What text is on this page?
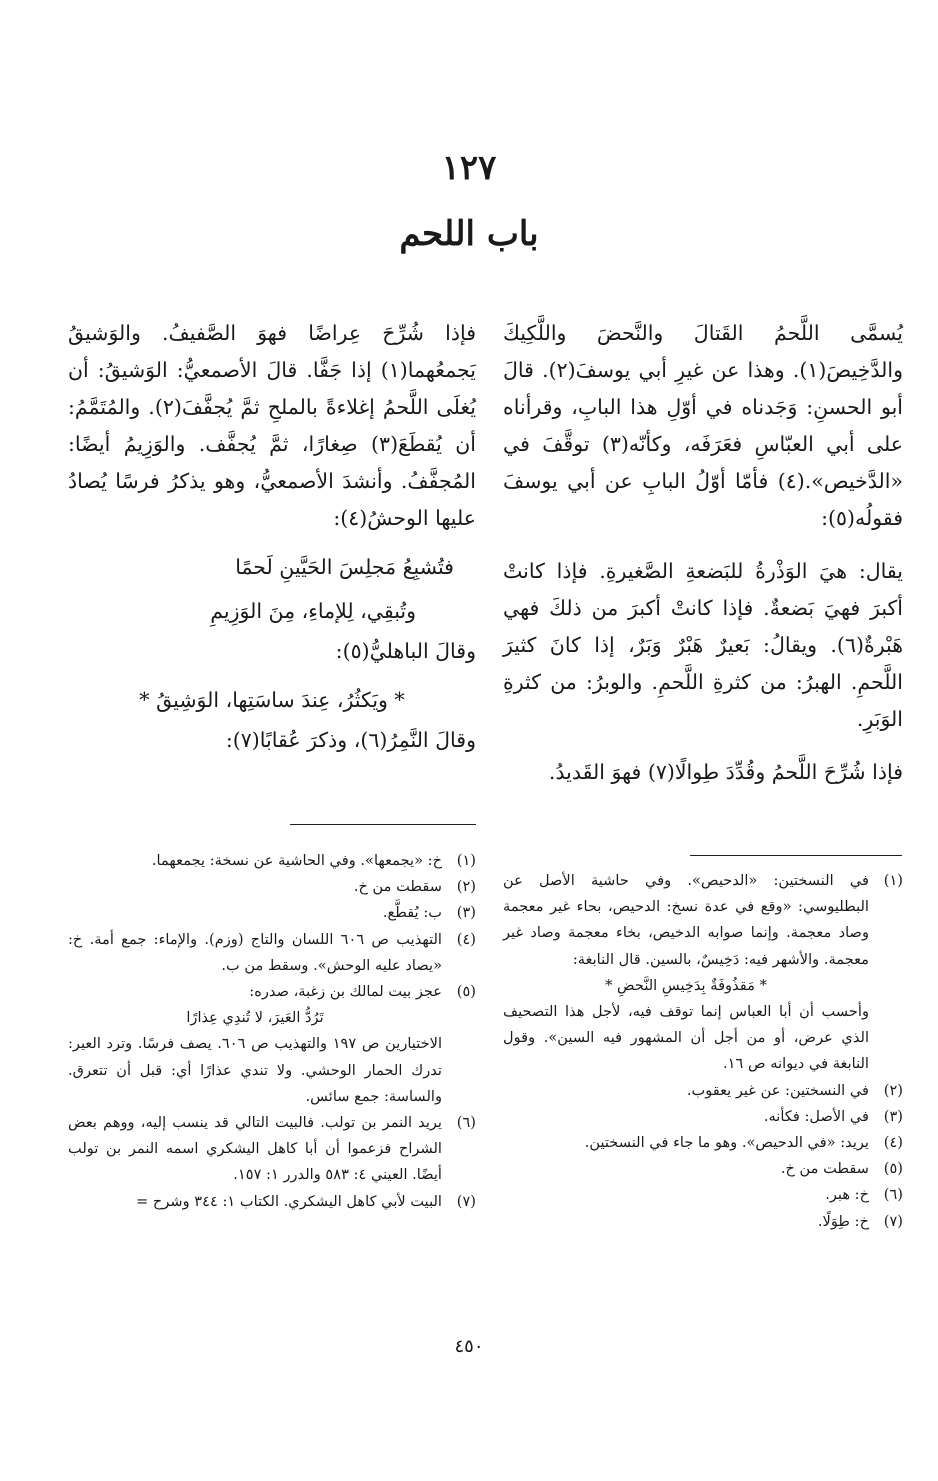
١٢٧
باب اللحم

يُسمَّى اللَّحمُ القَتالَ والنَّحضَ واللَّكِيكَ والدَّخِيصَ(١). وهذا عن غيرِ أبي يوسفَ(٢). قالَ أبو الحسنِ: وَجَدناه في أوّلِ هذا البابِ، وقرأناه على أبي العبّاسِ فعَرَفَه، وكأنّه(٣) توقَّفَ في «الدَّخيص».(٤) فأمّا أوّلُ البابِ عن أبي يوسفَ فقولُه(٥):

يقال: هيَ الوَذْرةُ للبَضعةِ الصَّغيرةِ. فإذا كانتْ أكبرَ فهيَ بَضعةٌ. فإذا كانتْ أكبرَ من ذلكَ فهي هَبْرةٌ(٦). ويقالُ: بَعيرٌ هَبْرٌ وَبَرٌ، إذا كانَ كثيرَ اللَّحمِ. الهبرُ: من كثرةِ اللَّحمِ. والوبرُ: من كثرةِ الوَبَرِ.

فإذا شُرِّحَ اللَّحمُ وقُدِّدَ طِوالًا(٧) فهوَ القَديدُ.

فإذا شُرِّحَ عِراضًا فهوَ الصَّفيفُ. والوَشيقُ يَجمعُهما(١) إذا جَفَّا. قالَ الأصمعيُّ: الوَشيقُ: أن يُغلَى اللَّحمُ إغلاءةً بالملحِ ثمَّ يُجفَّفَ(٢). والمُتَمَّمُ: أن يُقطَعَ(٣) صِغارًا، ثمَّ يُجفَّف. والوَزِيمُ أيضًا: المُجفَّفُ. وأنشدَ الأصمعيُّ، وهو يذكرُ فرسًا يُصادُ عليها الوحشُ(٤):

فتُشبِعُ مَجلِسَ الحَيَّينِ لَحمًا

وتُبقِي، لِلإماءِ، مِنَ الوَزِيمِ

وقالَ الباهليُّ(٥):

* ويَكثُرُ، عِندَ ساسَتِها، الوَشِيقُ *

وقالَ النَّمِرُ(٦)، وذكرَ عُقابًا(٧):

(١)
في النسختين: «الدحيص». وفي حاشية الأصل عن البطليوسي: «وقع في عدة نسخ: الدحيص، بحاء غير معجمة وصاد معجمة. وإنما صوابه الدخيص، بخاء معجمة وصاد غير معجمة. والأشهر فيه: دَخِيسٌ، بالسين. قال النابغة:

* مَقذُوفَةٌ بِدَخِيسِ النَّحضِ *

وأحسب أن أبا العباس إنما توقف فيه، لأجل هذا التصحيف الذي عرض، أو من أجل أن المشهور فيه السين». وقول النابغة في ديوانه ص ١٦.
(٢)
في النسختين: عن غير يعقوب.
(٣)
في الأصل: فكأنه.
(٤)
يريد: «في الدحيص». وهو ما جاء في النسختين.
(٥)
سقطت من خ.
(٦)
خ: هبر.
(٧)
خ: طِوَلًا.
(١)
خ: «يجمعها». وفي الحاشية عن نسخة: يجمعهما.
(٢)
سقطت من خ.
(٣)
ب: يُقطَّع.
(٤)
التهذيب ص ٦٠٦ اللسان والتاج (وزم). والإماء: جمع أمة. خ: «يصاد عليه الوحش». وسقط من ب.
(٥)
عجز بيت لمالك بن زغبة، صدره:

تَرُدُّ العَيرَ، لا تُندِي عِذارًا

الاختيارين ص ١٩٧ والتهذيب ص ٦٠٦. يصف فرسًا. وترد العير: تدرك الحمار الوحشي. ولا تندي عذارًا أي: قبل أن تتعرق. والساسة: جمع سائس.
(٦)
يريد النمر بن تولب. فالبيت التالي قد ينسب إليه، ووهم بعض الشراح فزعموا أن أبا كاهل اليشكري اسمه النمر بن تولب أيضًا. العيني ٤: ٥٨٣ والدرر ١: ١٥٧.
(٧)
البيت لأبي كاهل اليشكري. الكتاب ١: ٣٤٤ وشرح =
٤٥٠
